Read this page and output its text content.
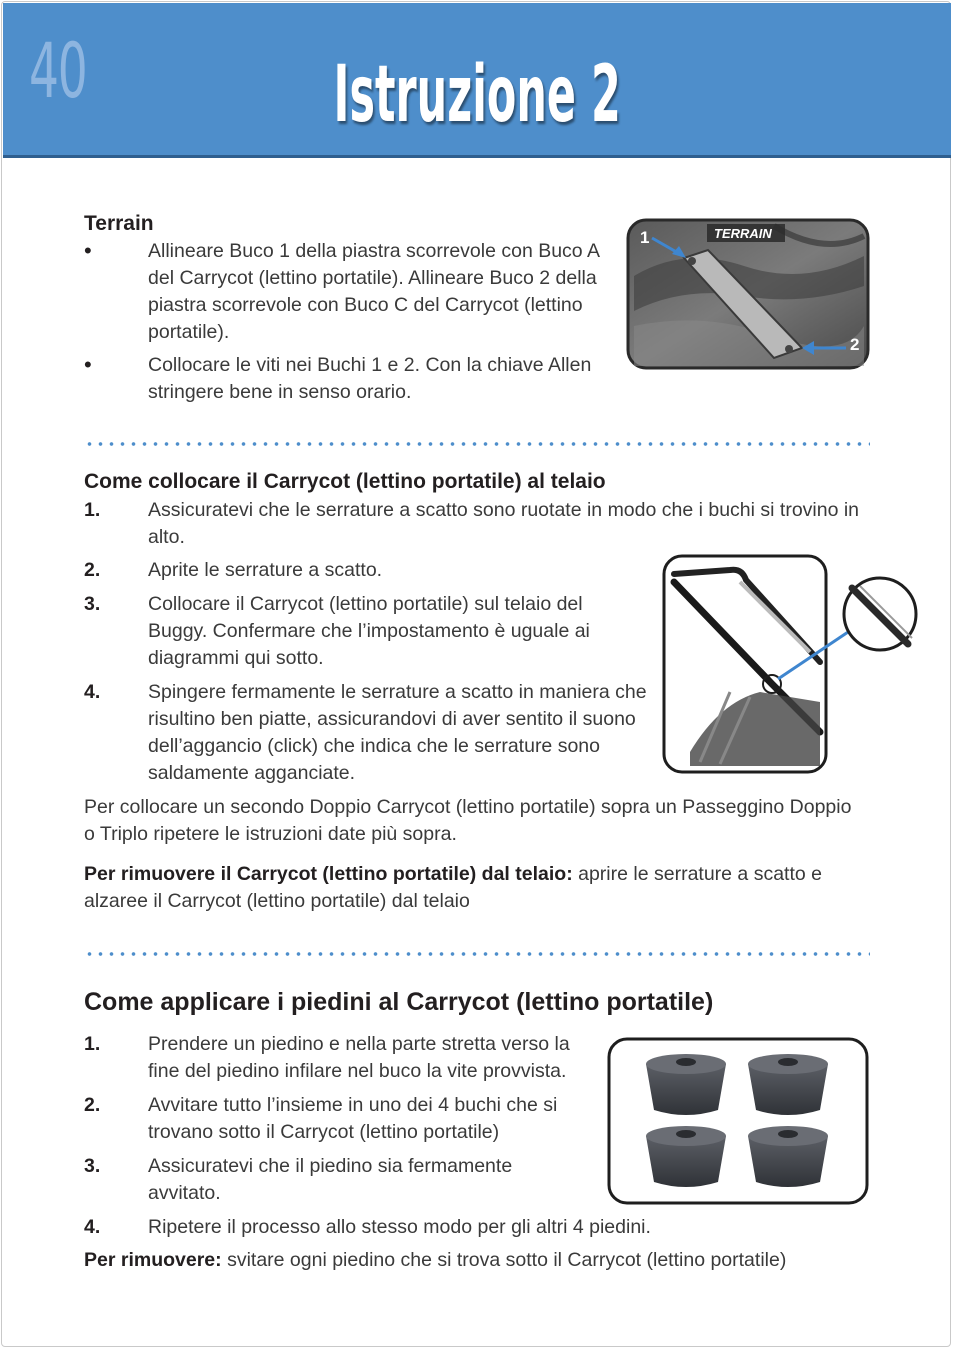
40	Istruzione 2
Terrain
•	Allineare Buco 1 della piastra scorrevole con Buco A
del Carrycot (lettino portatile). Allineare Buco 2 della
piastra scorrevole con Buco C del Carrycot (lettino
portatile).
•	Collocare le viti nei Buchi 1 e 2. Con la chiave Allen
stringere bene in senso orario.
TERRAIN
1
2
Come collocare il Carrycot (lettino portatile) al telaio
1. Assicuratevi che le serrature a scatto sono ruotate in modo che i buchi si trovino in
alto.
2. Aprite le serrature a scatto.
3. Collocare il Carrycot (lettino portatile) sul telaio del
Buggy. Confermare che l’impostamento è uguale ai
diagrammi qui sotto.
4. Spingere fermamente le serrature a scatto in maniera che
risultino ben piatte, assicurandovi di aver sentito il suono
dell’aggancio (click) che indica che le serrature sono
saldamente agganciate.
Per collocare un secondo Doppio Carrycot (lettino portatile) sopra un Passeggino Doppio
o Triplo ripetere le istruzioni date più sopra.
Per rimuovere il Carrycot (lettino portatile) dal telaio: aprire le serrature a scatto e
alzaree il Carrycot (lettino portatile) dal telaio
Come applicare i piedini al Carrycot (lettino portatile)
1. Prendere un piedino e nella parte stretta verso la
fine del piedino infilare nel buco la vite provvista.
2. Avvitare tutto l’insieme in uno dei 4 buchi che si
trovano sotto il Carrycot (lettino portatile)
3. Assicuratevi che il piedino sia fermamente
avvitato.
4. Ripetere il processo allo stesso modo per gli altri 4 piedini.
Per rimuovere: svitare ogni piedino che si trova sotto il Carrycot (lettino portatile)
